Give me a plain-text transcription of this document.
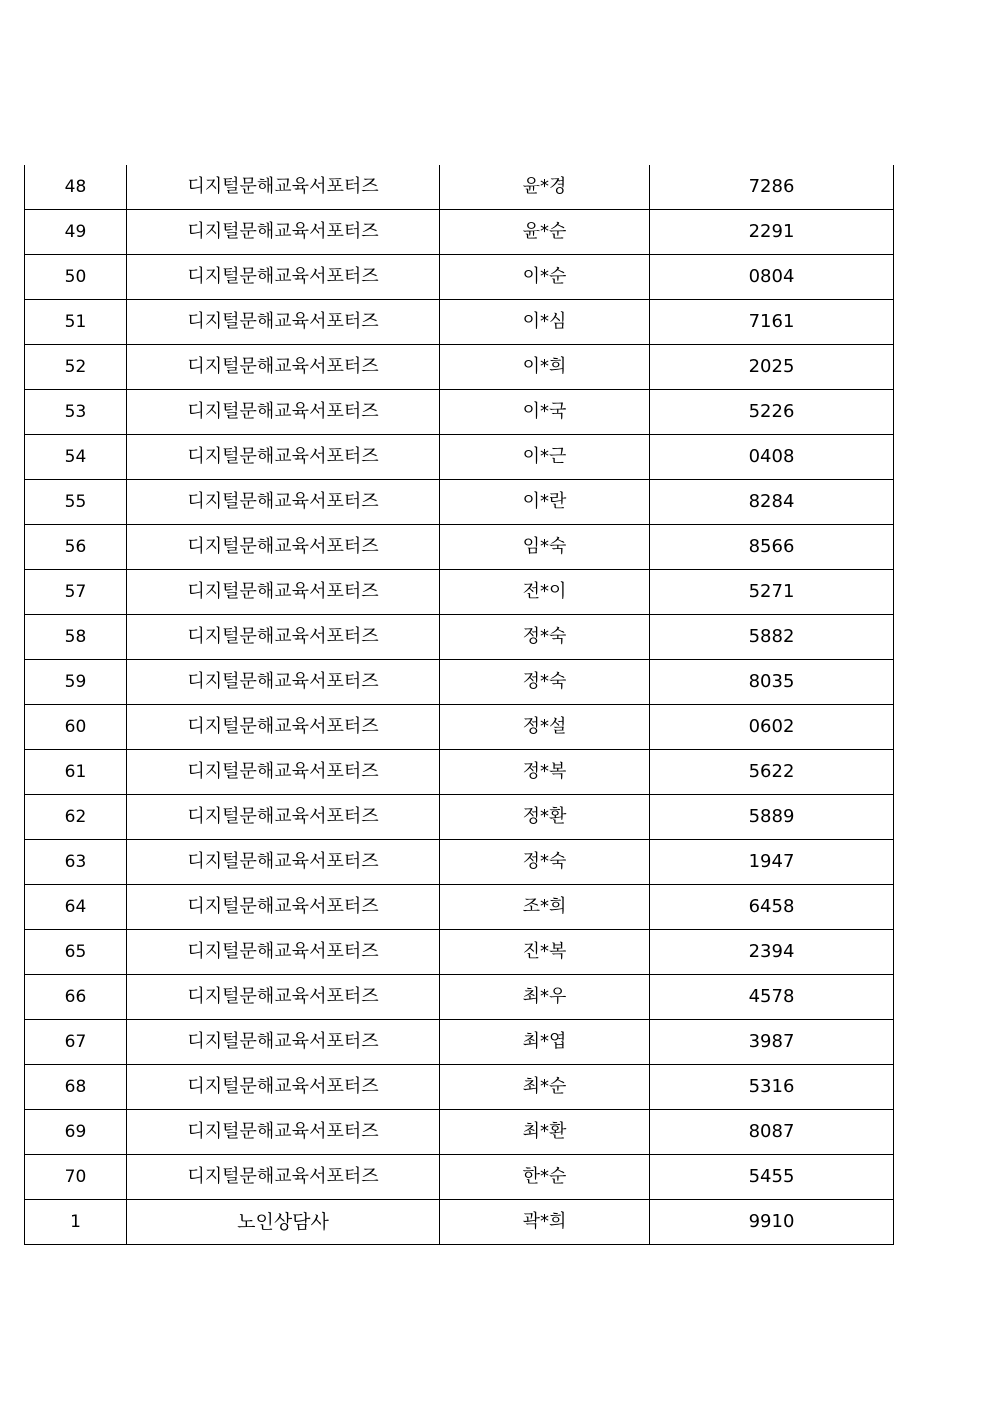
48	디지털문해교육서포터즈	윤*경	7286
49	디지털문해교육서포터즈	윤*순	2291
50	디지털문해교육서포터즈	이*순	0804
51	디지털문해교육서포터즈	이*심	7161
52	디지털문해교육서포터즈	이*희	2025
53	디지털문해교육서포터즈	이*국	5226
54	디지털문해교육서포터즈	이*근	0408
55	디지털문해교육서포터즈	이*란	8284
56	디지털문해교육서포터즈	임*숙	8566
57	디지털문해교육서포터즈	전*이	5271
58	디지털문해교육서포터즈	정*숙	5882
59	디지털문해교육서포터즈	정*숙	8035
60	디지털문해교육서포터즈	정*설	0602
61	디지털문해교육서포터즈	정*복	5622
62	디지털문해교육서포터즈	정*환	5889
63	디지털문해교육서포터즈	정*숙	1947
64	디지털문해교육서포터즈	조*희	6458
65	디지털문해교육서포터즈	진*복	2394
66	디지털문해교육서포터즈	최*우	4578
67	디지털문해교육서포터즈	최*엽	3987
68	디지털문해교육서포터즈	최*순	5316
69	디지털문해교육서포터즈	최*환	8087
70	디지털문해교육서포터즈	한*순	5455
1	노인상담사	곽*희	9910
